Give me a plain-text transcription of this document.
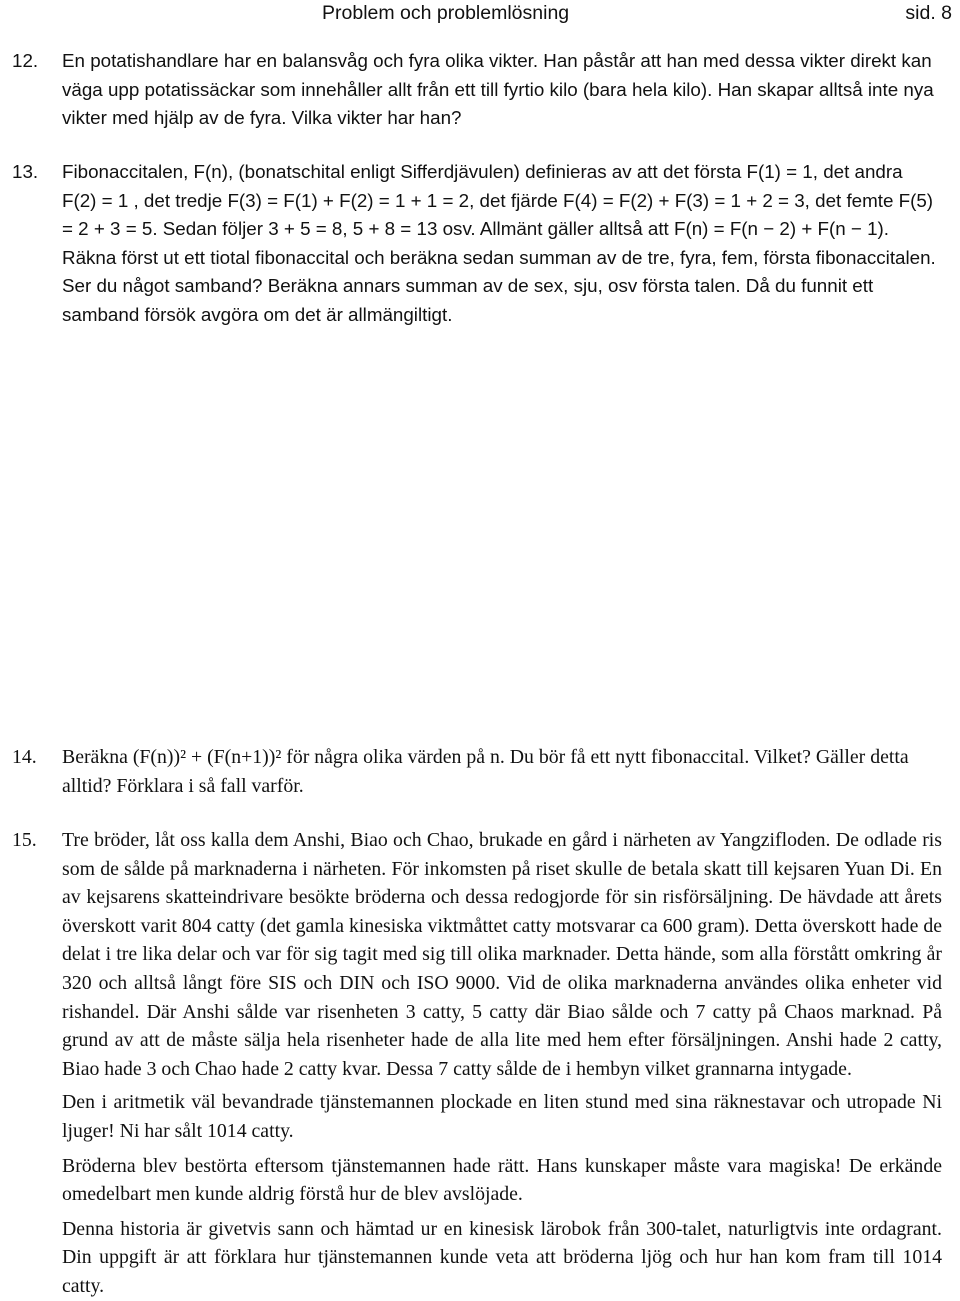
Problem och problemlösning	sid. 8
12. En potatishandlare har en balansvåg och fyra olika vikter. Han påstår att han med dessa vikter direkt kan väga upp potatissäckar som innehåller allt från ett till fyrtio kilo (bara hela kilo). Han skapar alltså inte nya vikter med hjälp av de fyra. Vilka vikter har han?

13. Fibonaccitalen, F(n), (bonatschital enligt Sifferdjävulen) definieras av att det första F(1) = 1, det andra F(2) = 1 , det tredje F(3) = F(1) + F(2) = 1 + 1 = 2, det fjärde F(4) = F(2) + F(3) = 1 + 2 = 3, det femte F(5) = 2 + 3 = 5. Sedan följer 3 + 5 = 8, 5 + 8 = 13 osv. Allmänt gäller alltså att F(n) = F(n − 2) + F(n − 1). Räkna först ut ett tiotal fibonaccital och beräkna sedan summan av de tre, fyra, fem, första fibonaccitalen. Ser du något samband? Beräkna annars summan av de sex, sju, osv första talen. Då du funnit ett samband försök avgöra om det är allmängiltigt.

14. Beräkna (F(n))² + (F(n+1))² för några olika värden på n. Du bör få ett nytt fibonaccital. Vilket? Gäller detta alltid? Förklara i så fall varför.

15. Tre bröder, låt oss kalla dem Anshi, Biao och Chao, brukade en gård i närheten av Yangzifloden. De odlade ris som de sålde på marknaderna i närheten. För inkomsten på riset skulle de betala skatt till kejsaren Yuan Di. En av kejsarens skatteindrivare besökte bröderna och dessa redogjorde för sin risförsäljning. De hävdade att årets överskott varit 804 catty (det gamla kinesiska viktmåttet catty motsvarar ca 600 gram). Detta överskott hade de delat i tre lika delar och var för sig tagit med sig till olika marknader. Detta hände, som alla förstått omkring år 320 och alltså långt före SIS och DIN och ISO 9000. Vid de olika marknaderna användes olika enheter vid rishandel. Där Anshi sålde var risenheten 3 catty, 5 catty där Biao sålde och 7 catty på Chaos marknad. På grund av att de måste sälja hela risenheter hade de alla lite med hem efter försäljningen. Anshi hade 2 catty, Biao hade 3 och Chao hade 2 catty kvar. Dessa 7 catty sålde de i hembyn vilket grannarna intygade.

Den i aritmetik väl bevandrade tjänstemannen plockade en liten stund med sina räknestavar och utropade Ni ljuger! Ni har sålt 1014 catty.

Bröderna blev bestörta eftersom tjänstemannen hade rätt. Hans kunskaper måste vara magiska! De erkände omedelbart men kunde aldrig förstå hur de blev avslöjade.

Denna historia är givetvis sann och hämtad ur en kinesisk lärobok från 300-talet, naturligtvis inte ordagrant. Din uppgift är att förklara hur tjänstemannen kunde veta att bröderna ljög och hur han kom fram till 1014 catty.
